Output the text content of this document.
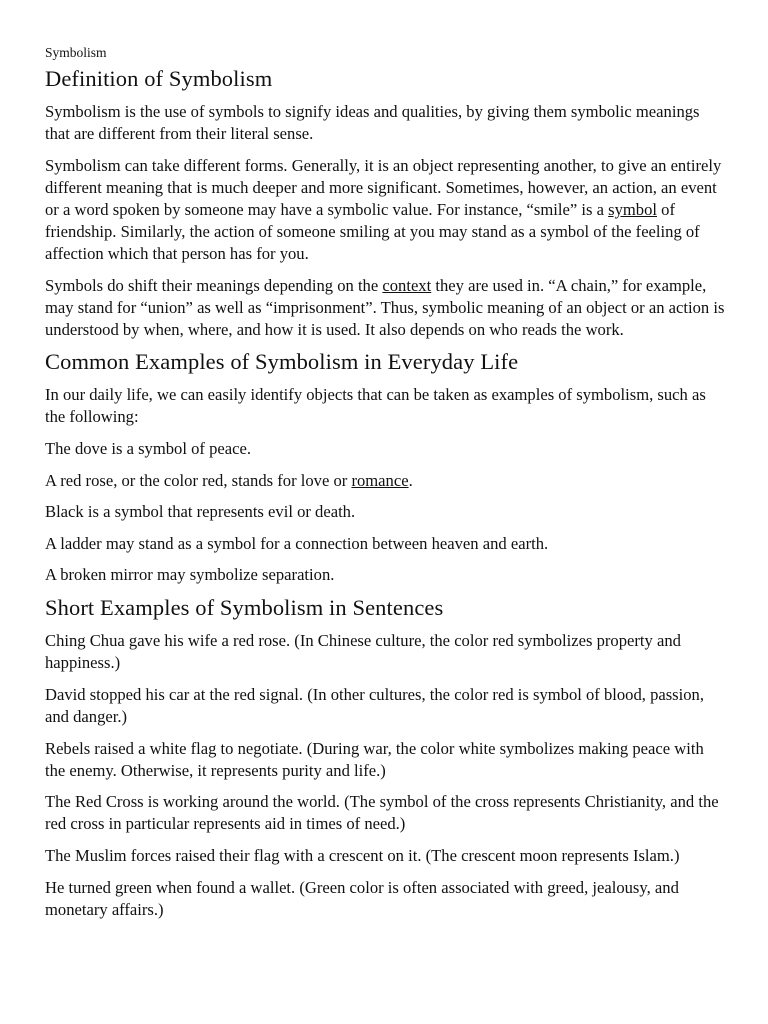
Symbolism
Definition of Symbolism

Symbolism is the use of symbols to signify ideas and qualities, by giving them symbolic meanings that are different from their literal sense.

Symbolism can take different forms. Generally, it is an object representing another, to give an entirely different meaning that is much deeper and more significant. Sometimes, however, an action, an event or a word spoken by someone may have a symbolic value. For instance, “smile” is a symbol of friendship. Similarly, the action of someone smiling at you may stand as a symbol of the feeling of affection which that person has for you.

Symbols do shift their meanings depending on the context they are used in. “A chain,” for example, may stand for “union” as well as “imprisonment”. Thus, symbolic meaning of an object or an action is understood by when, where, and how it is used. It also depends on who reads the work.

Common Examples of Symbolism in Everyday Life

In our daily life, we can easily identify objects that can be taken as examples of symbolism, such as the following:

The dove is a symbol of peace.

A red rose, or the color red, stands for love or romance.

Black is a symbol that represents evil or death.

A ladder may stand as a symbol for a connection between heaven and earth.

A broken mirror may symbolize separation.

Short Examples of Symbolism in Sentences

Ching Chua gave his wife a red rose. (In Chinese culture, the color red symbolizes property and happiness.)

David stopped his car at the red signal. (In other cultures, the color red is symbol of blood, passion, and danger.)

Rebels raised a white flag to negotiate. (During war, the color white symbolizes making peace with the enemy. Otherwise, it represents purity and life.)

The Red Cross is working around the world. (The symbol of the cross represents Christianity, and the red cross in particular represents aid in times of need.)

The Muslim forces raised their flag with a crescent on it. (The crescent moon represents Islam.)

He turned green when found a wallet. (Green color is often associated with greed, jealousy, and monetary affairs.)
